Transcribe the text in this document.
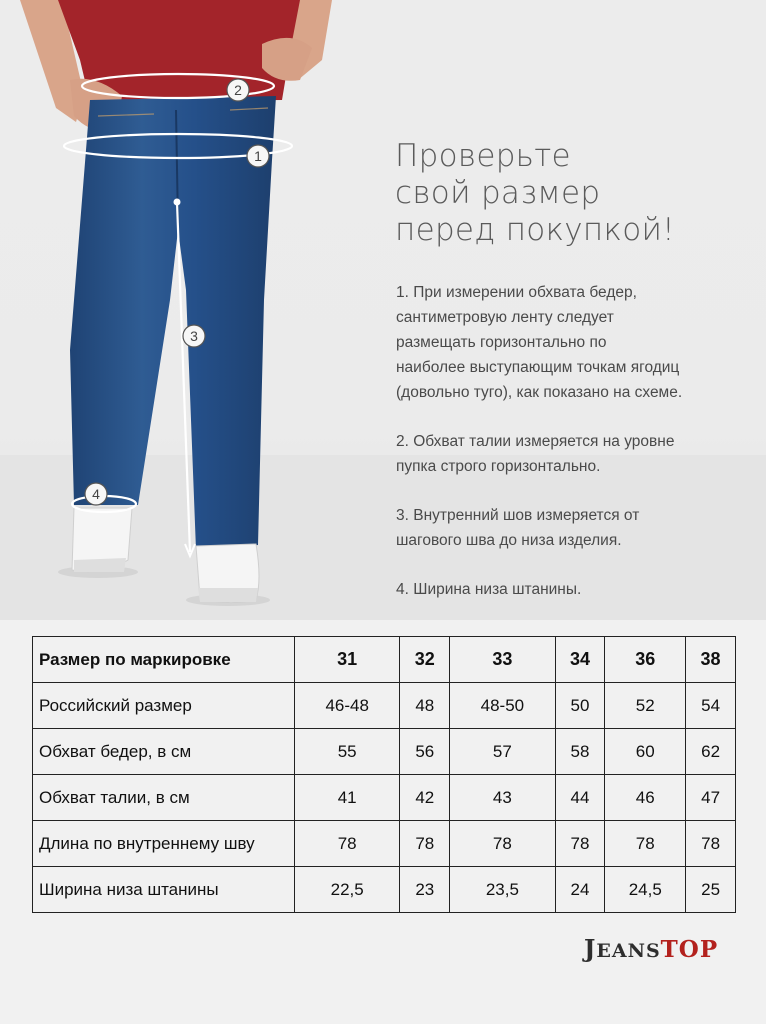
2
1
3
4
Проверьте
свой размер
перед покупкой!

1. При измерении обхвата бедер,
сантиметровую ленту следует
размещать горизонтально по
наиболее выступающим точкам ягодиц
(довольно туго), как показано на схеме.

2. Обхват талии измеряется на уровне
пупка строго горизонтально.

3. Внутренний шов измеряется от
шагового шва до низа изделия.

4. Ширина низа штанины.

Размер по маркировке	31	32	33	34	36	38
Российский размер	46-48	48	48-50	50	52	54
Обхват бедер, в см	55	56	57	58	60	62
Обхват талии, в см	41	42	43	44	46	47
Длина по внутреннему шву	78	78	78	78	78	78
Ширина низа штанины	22,5	23	23,5	24	24,5	25
JEANSTOP
